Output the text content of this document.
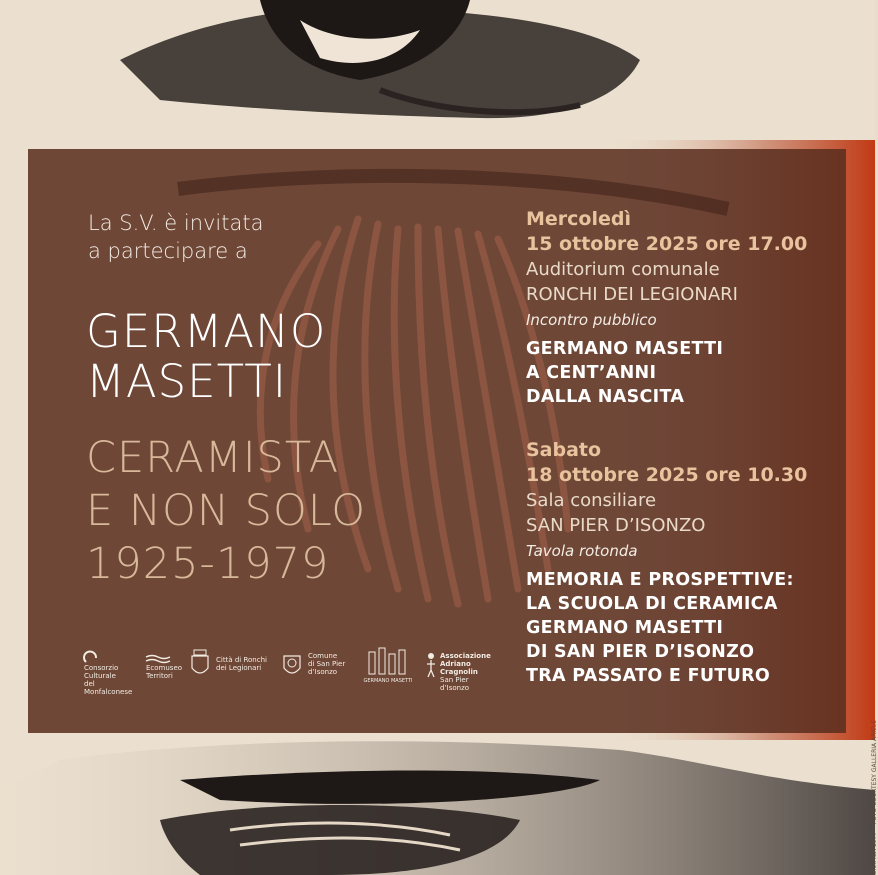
La S.V. è invitata
a partecipare a
GERMANO
MASETTI
CERAMISTA
E NON SOLO
1925-1979
Mercoledì
15 ottobre 2025 ore 17.00
Auditorium comunale
RONCHI DEI LEGIONARI
Incontro pubblico
GERMANO MASETTI
A CENT’ANNI
DALLA NASCITA
Sabato
18 ottobre 2025 ore 10.30
Sala consiliare
SAN PIER D’ISONZO
Tavola rotonda
MEMORIA E PROSPETTIVE:
LA SCUOLA DI CERAMICA
GERMANO MASETTI
DI SAN PIER D’ISONZO
TRA PASSATO E FUTURO
Consorzio Culturale
del Monfalconese
Ecomuseo
Territori
Città di Ronchi
dei Legionari
Comune
di San Pier
d’Isonzo
GERMANO MASETTI
Associazione
Adriano
Cragnolin
San Pier d’Isonzo
GRAFICA 1977 • FOTO COURTESY GALLERIA ARIELE
